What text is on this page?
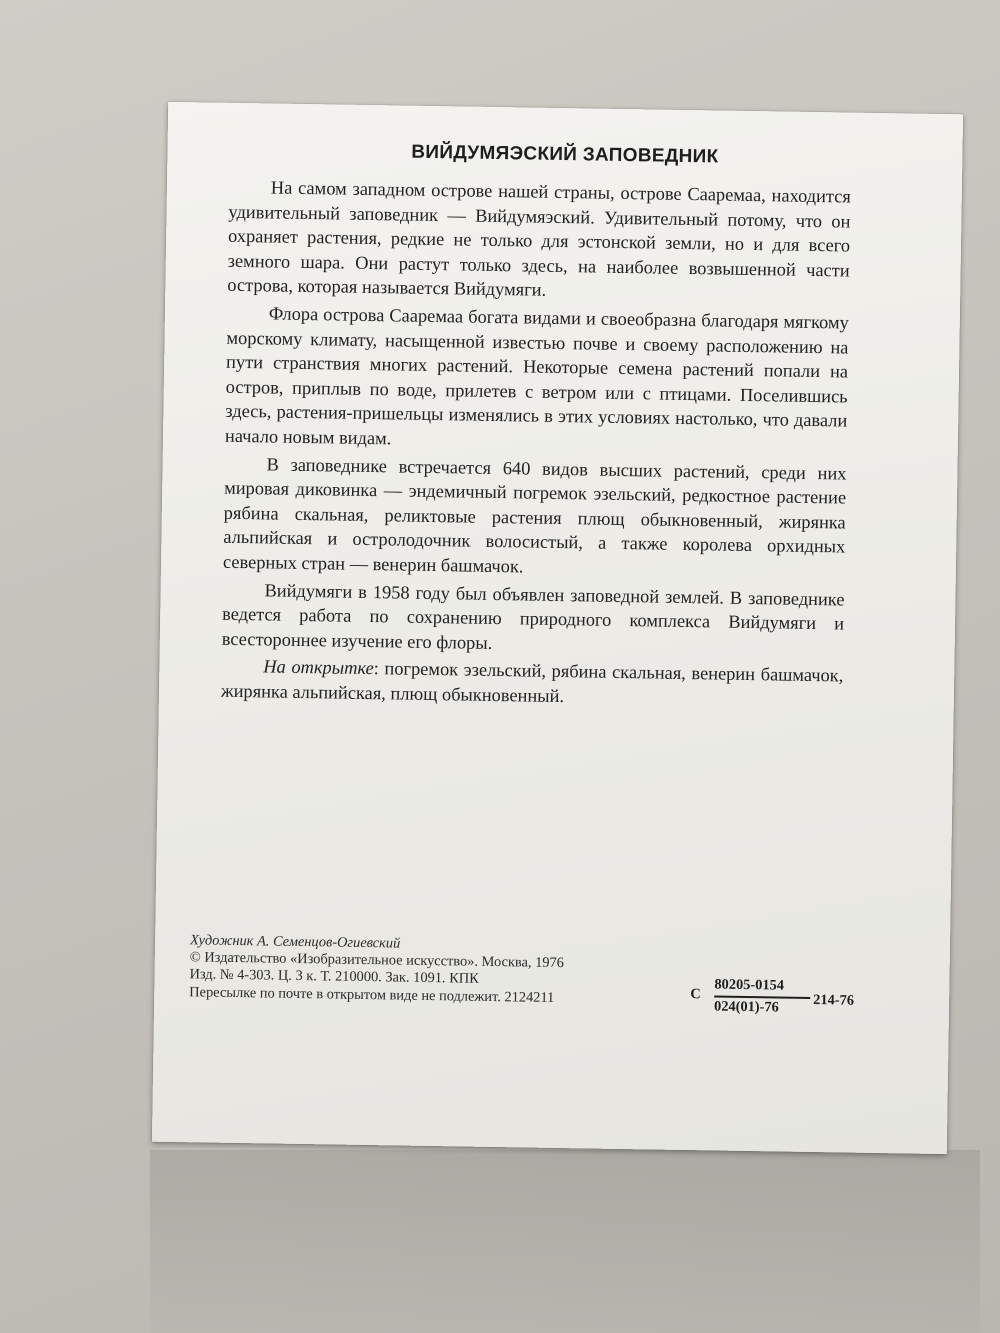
ВИЙДУМЯЭСКИЙ ЗАПОВЕДНИК

На самом западном острове нашей страны, острове Сааремаа, находится удивительный заповедник — Вийдумяэский. Удивительный потому, что он охраняет растения, редкие не только для эстонской земли, но и для всего земного шара. Они растут только здесь, на наиболее возвышенной части острова, которая называется Вийдумяги.

Флора острова Сааремаа богата видами и своеобразна благодаря мягкому морскому климату, насыщенной известью почве и своему расположению на пути странствия многих растений. Некоторые семена растений попали на остров, приплыв по воде, прилетев с ветром или с птицами. Поселившись здесь, растения-пришельцы изменялись в этих условиях настолько, что давали начало новым видам.

В заповеднике встречается 640 видов высших растений, среди них мировая диковинка — эндемичный погремок эзельский, редкостное растение рябина скальная, реликтовые растения плющ обыкновенный, жирянка альпийская и остролодочник волосистый, а также королева орхидных северных стран — венерин башмачок.

Вийдумяги в 1958 году был объявлен заповедной землей. В заповеднике ведется работа по сохранению природного комплекса Вийдумяги и всестороннее изучение его флоры.

На открытке: погремок эзельский, рябина скальная, венерин башмачок, жирянка альпийская, плющ обыкновенный.

Художник А. Семенцов-Огиевский
© Издательство «Изобразительное искусство». Москва, 1976
Изд. № 4-303. Ц. 3 к. Т. 210000. Зак. 1091. КПК
Пересылке по почте в открытом виде не подлежит. 2124211	С
80205-0154
024(01)-76 214-76
